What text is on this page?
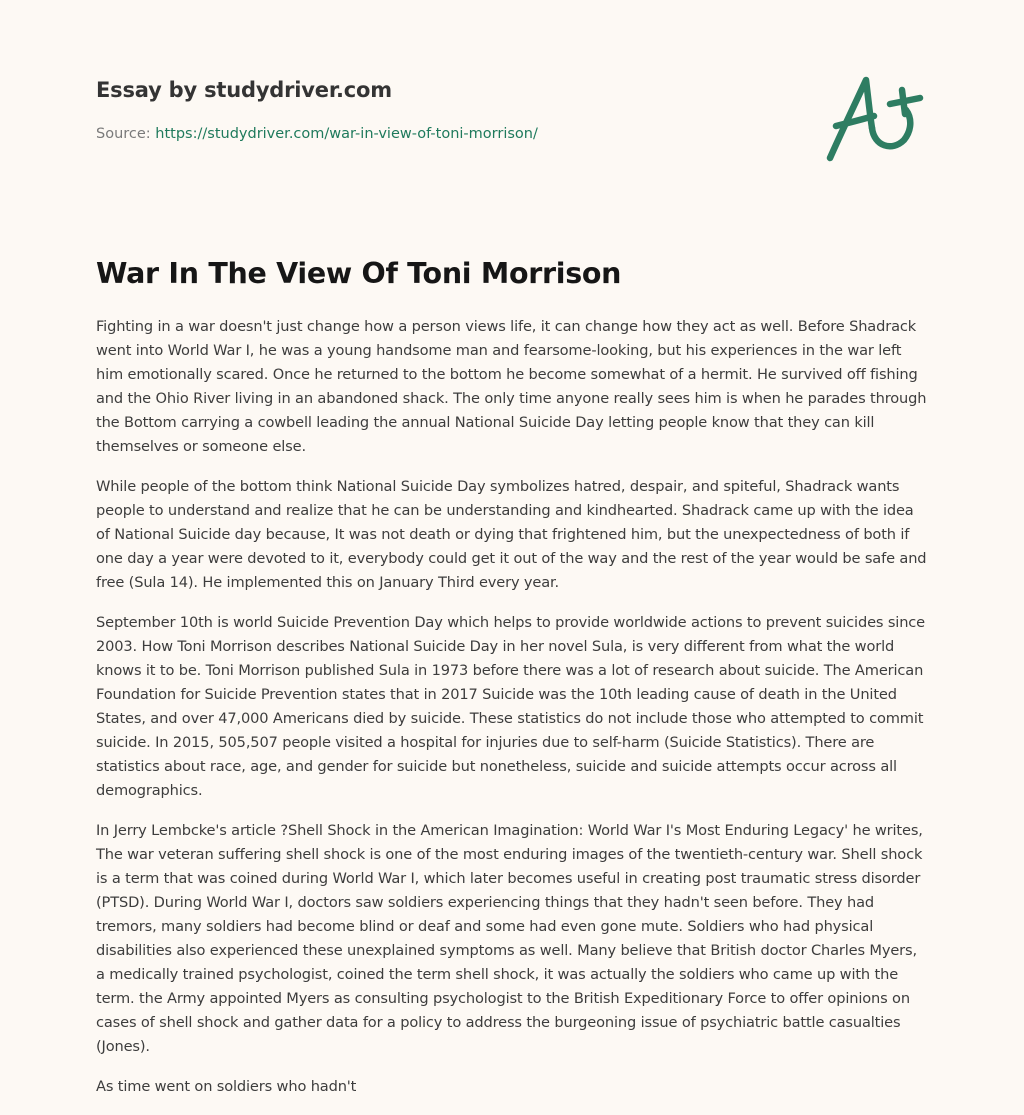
Essay by studydriver.com
Source: https://studydriver.com/war-in-view-of-toni-morrison/
War In The View Of Toni Morrison

Fighting in a war doesn't just change how a person views life, it can change how they act as well. Before Shadrack went into World War I, he was a young handsome man and fearsome-looking, but his experiences in the war left him emotionally scared. Once he returned to the bottom he become somewhat of a hermit. He survived off fishing and the Ohio River living in an abandoned shack. The only time anyone really sees him is when he parades through the Bottom carrying a cowbell leading the annual National Suicide Day letting people know that they can kill themselves or someone else.

While people of the bottom think National Suicide Day symbolizes hatred, despair, and spiteful, Shadrack wants people to understand and realize that he can be understanding and kindhearted. Shadrack came up with the idea of National Suicide day because, It was not death or dying that frightened him, but the unexpectedness of both if one day a year were devoted to it, everybody could get it out of the way and the rest of the year would be safe and free (Sula 14). He implemented this on January Third every year.

September 10th is world Suicide Prevention Day which helps to provide worldwide actions to prevent suicides since 2003. How Toni Morrison describes National Suicide Day in her novel Sula, is very different from what the world knows it to be. Toni Morrison published Sula in 1973 before there was a lot of research about suicide. The American Foundation for Suicide Prevention states that in 2017 Suicide was the 10th leading cause of death in the United States, and over 47,000 Americans died by suicide. These statistics do not include those who attempted to commit suicide. In 2015, 505,507 people visited a hospital for injuries due to self-harm (Suicide Statistics). There are statistics about race, age, and gender for suicide but nonetheless, suicide and suicide attempts occur across all demographics.

In Jerry Lembcke's article ?Shell Shock in the American Imagination: World War I's Most Enduring Legacy' he writes, The war veteran suffering shell shock is one of the most enduring images of the twentieth-century war. Shell shock is a term that was coined during World War I, which later becomes useful in creating post traumatic stress disorder (PTSD). During World War I, doctors saw soldiers experiencing things that they hadn't seen before. They had tremors, many soldiers had become blind or deaf and some had even gone mute. Soldiers who had physical disabilities also experienced these unexplained symptoms as well. Many believe that British doctor Charles Myers, a medically trained psychologist, coined the term shell shock, it was actually the soldiers who came up with the term. the Army appointed Myers as consulting psychologist to the British Expeditionary Force to offer opinions on cases of shell shock and gather data for a policy to address the burgeoning issue of psychiatric battle casualties (Jones).

As time went on soldiers who hadn't
